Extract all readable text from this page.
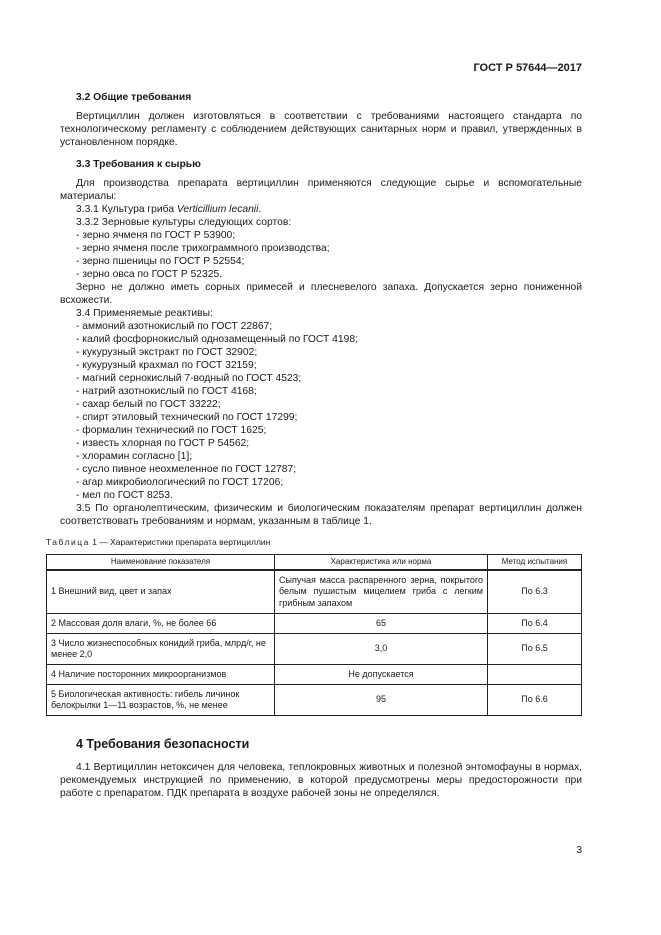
ГОСТ Р 57644—2017
3.2 Общие требования

Вертициллин должен изготовляться в соответствии с требованиями настоящего стандарта по технологическому регламенту с соблюдением действующих санитарных норм и правил, утвержденных в установленном порядке.

3.3 Требования к сырью

Для производства препарата вертициллин применяются следующие сырье и вспомогательные материалы:

3.3.1 Культура гриба Verticillium lecanii.

3.3.2 Зерновые культуры следующих сортов:

- зерно ячменя по ГОСТ Р 53900;

- зерно ячменя после трихограммного производства;

- зерно пшеницы по ГОСТ Р 52554;

- зерно овса по ГОСТ Р 52325.

Зерно не должно иметь сорных примесей и плесневелого запаха. Допускается зерно пониженной всхожести.

3.4 Применяемые реактивы:

- аммоний азотнокислый по ГОСТ 22867;

- калий фосфорнокислый однозамещенный по ГОСТ 4198;

- кукурузный экстракт по ГОСТ 32902;

- кукурузный крахмал по ГОСТ 32159;

- магний сернокислый 7-водный по ГОСТ 4523;

- натрий азотнокислый по ГОСТ 4168;

- сахар белый по ГОСТ 33222;

- спирт этиловый технический по ГОСТ 17299;

- формалин технический по ГОСТ 1625;

- известь хлорная по ГОСТ Р 54562;

- хлорамин согласно [1];

- сусло пивное неохмеленное по ГОСТ 12787;

- агар микробиологический по ГОСТ 17206;

- мел по ГОСТ 8253.

3.5 По органолептическим, физическим и биологическим показателям препарат вертициллин должен соответствовать требованиям и нормам, указанным в таблице 1.

Таблица 1 — Характеристики препарата вертициллин
Наименование показателя	Характеристика или норма	Метод испытания
1 Внешний вид, цвет и запах	Сыпучая масса распаренного зерна, покрытого белым пушистым мицелием гриба с легким грибным запахом	По 6.3
2 Массовая доля влаги, %, не более 66	65	По 6.4
3 Число жизнеспособных конидий гриба, млрд/г, не менее 2,0	3,0	По 6.5
4 Наличие посторонних микроорганизмов	Не допускается	
5 Биологическая активность: гибель личинок белокрылки 1—11 возрастов, %, не менее	95	По 6.6
4 Требования безопасности

4.1 Вертициллин нетоксичен для человека, теплокровных животных и полезной энтомофауны в нормах, рекомендуемых инструкцией по применению, в которой предусмотрены меры предосторожности при работе с препаратом. ПДК препарата в воздухе рабочей зоны не определялся.

3
